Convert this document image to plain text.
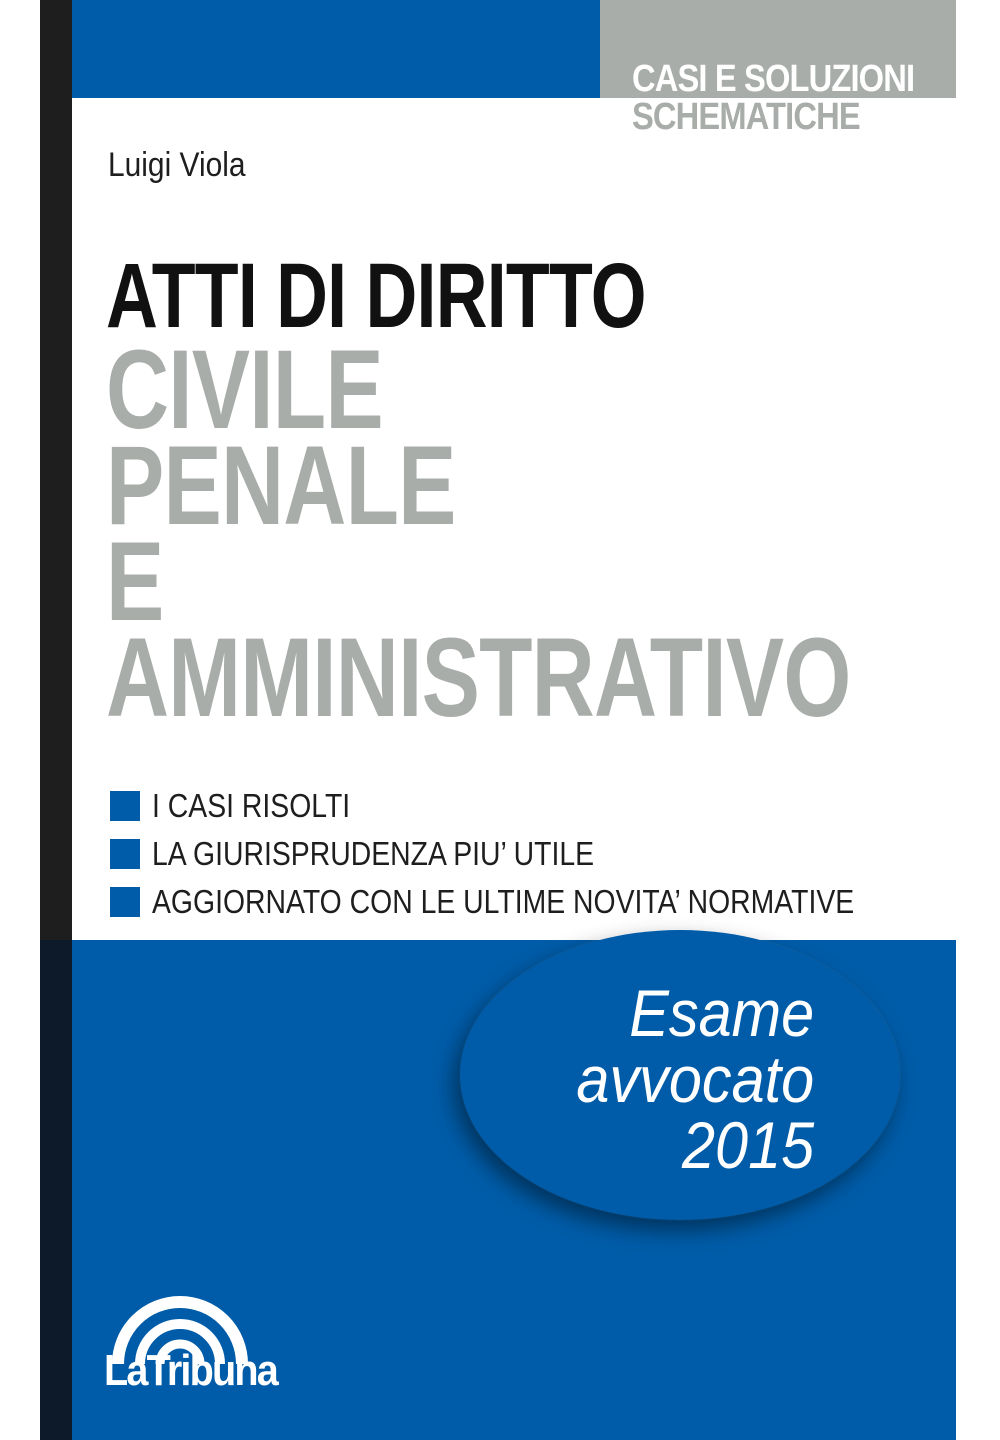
CASI E SOLUZIONI
SCHEMATICHE
Luigi Viola
ATTI DI DIRITTO
CIVILE
PENALE
E AMMINISTRATIVO
I CASI RISOLTI
LA GIURISPRUDENZA PIU’ UTILE
AGGIORNATO CON LE ULTIME NOVITA’ NORMATIVE
Esame
avvocato
2015
LaTribuna
